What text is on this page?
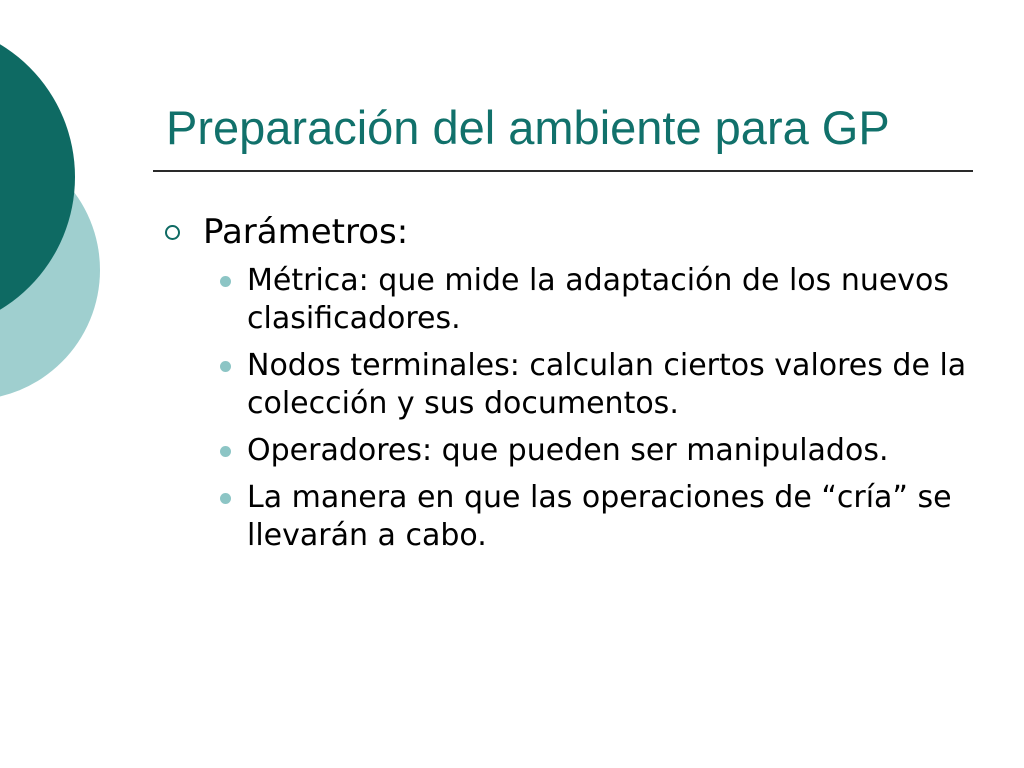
Preparación del ambiente para GP

Parámetros:

Métrica: que mide la adaptación de los nuevos clasificadores.
Nodos terminales: calculan ciertos valores de la colección y sus documentos.
Operadores: que pueden ser manipulados.
La manera en que las operaciones de “cría” se llevarán a cabo.
